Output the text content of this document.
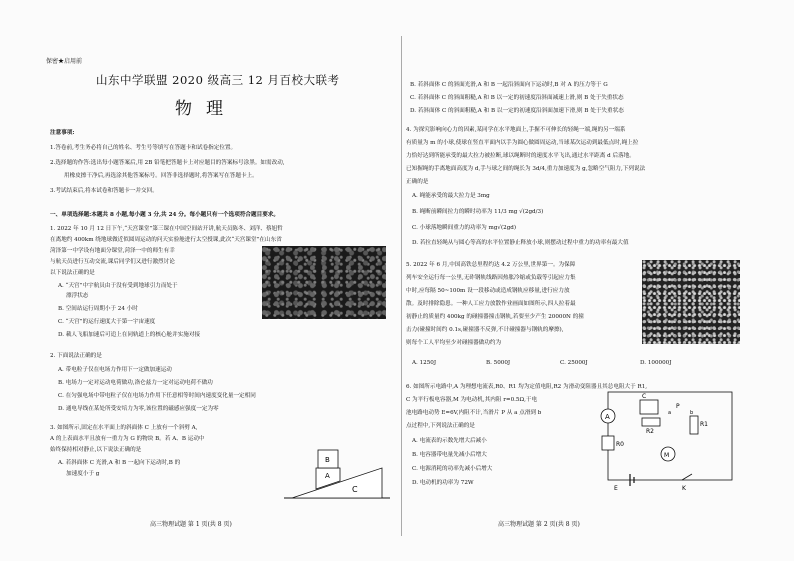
保密★启用前
山东中学联盟 2020 级高三 12 月百校大联考
物理
注意事项:
1.答卷前,考生务必将自己的姓名、考生号等填写在答题卡和试卷指定位置。
2.选择题的作答:选出每小题答案后,用 2B 铅笔把答题卡上对应题目的答案标号涂黑。如需改动,
用橡皮擦干净后,再选涂其他答案标号。回答非选择题时,将答案写在答题卡上。
3.考试结束后,将本试卷和答题卡一并交回。
一、单项选择题:本题共 8 小题,每小题 3 分,共 24 分。每小题只有一个选项符合题目要求。
1. 2022 年 10 月 12 日下午,“天宫课堂”第三课在中国空间站开讲,航天员陈冬、刘洋、蔡旭哲
在离地约 400km 绕地球做近似圆周运动的问天实验舱进行太空授课,此次“天宫课堂”在山东省
菏泽第一中学设有地面分课堂,菏泽一中的师生有幸
与航天员进行互动交流,课后同学们又进行激烈讨论
以下说法正确的是
A. “天宫”中宇航员由于没有受到地球引力而处于
漂浮状态
B. 空间站运行周期小于 24 小时
C. “天宫”的运行速度大于第一宇宙速度
D. 載人飞船加速后可追上在同轨道上的核心舱并实施对接
2. 下面说法正确的是
A. 带电粒子仅在电场力作用下一定做加速运动
B. 电场力一定对运动电荷做功,洛仑兹力一定对运动电荷不做功
C. 在匀强电场中带电粒子仅在电场力作用下任意相等时间内速度变化量一定相同
D. 通电导线在某处所受安培力为零,该位置的磁感应强度一定为零
3. 如图所示,固定在水平面上的斜面体 C 上放有一个斜劈 A,
A 的上表面水平且放有一重力为 G 的物块 B。若 A、B 运动中
始终保持相对静止,以下说法正确的是
A. 若斜面体 C 光滑,A 和 B 一起向下运动时,B 的
加速度小于 g
B
A
C
高三物理试题 第 1 页(共 8 页)
B. 若斜面体 C 的斜面光滑,A 和 B 一起沿斜面向下运动时,B 对 A 的压力等于 G
C. 若斜面体 C 的斜面粗糙,A 和 B 以一定的初速度沿斜面减速上滑,则 B 处于失重状态
D. 若斜面体 C 的斜面粗糙,A 和 B 以一定的初速度沿斜面加速下滑,则 B 处于失重状态
4. 为探究影响向心力的因素,某同学在水平地面上,手握不可伸长的轻绳一端,绳的另一端系
有质量为 m 的小球,使球在竖直平面内以手为圆心做圆周运动,当球某次运动到最低点时,绳上拉
力恰好达到所能承受的最大拉力被拉断,球以绳断时的速度水平飞出,通过水平距离 d 后落地。
已知握绳的手离地面高度为 d,手与球之间的绳长为 3d/4,重力加速度为 g,忽略空气阻力,下列说法
正确的是
A. 绳能承受的最大拉力是 3mg
B. 绳断前瞬间拉力的瞬时功率为 11/3 mg √(2gd/3)
C. 小球落地瞬间重力的功率为 mg√(2gd)
D. 若拉直轻绳从与圆心等高的水平位置静止释放小球,则摆动过程中重力的功率有最大值
5. 2022 年 6 月,中国高铁总里程约达 4.2 万公里,世界第一。为保障
列车安全运行每一公里,无砟钢轨线路因热胀冷缩或负载等引起应力集
中时,应每隔 50~100m 设一段移动或造成钢轨应移量,进行应力放
散。及时排除隐患。一种人工应力放散作业画面如图所示,四人拉着最
初静止的质量约 400kg 的碰撞器撞击钢轨,若要至少产生 20000N 的撞
击力(碰撞时间约 0.1s,碰撞器不反弹,不计碰撞器与钢轨的摩擦),
则每个工人平均至少对碰撞器做功约为
A. 1250J	B. 5000J	C. 25000J	D. 100000J
6. 如图所示电路中,A 为理想电流表,R0、R1 均为定值电阻,R2 为滑动变阻器且其总电阻大于 R1,
C 为平行板电容器,M 为电动机,其内阻 r=0.5Ω,干电
池电路电动势 E=6V,内阻不计,当滑片 P 从 a 点滑到 b
点过程中,下列说法正确的是
A. 电流表的示数先增大后减小
B. 电容器带电量先减小后增大
C. 电源消耗的功率先减小后增大
D. 电动机的功率为 72W
A
R0
C
R2
P
a	b
R1
M
E	K
高三物理试题 第 2 页(共 8 页)
